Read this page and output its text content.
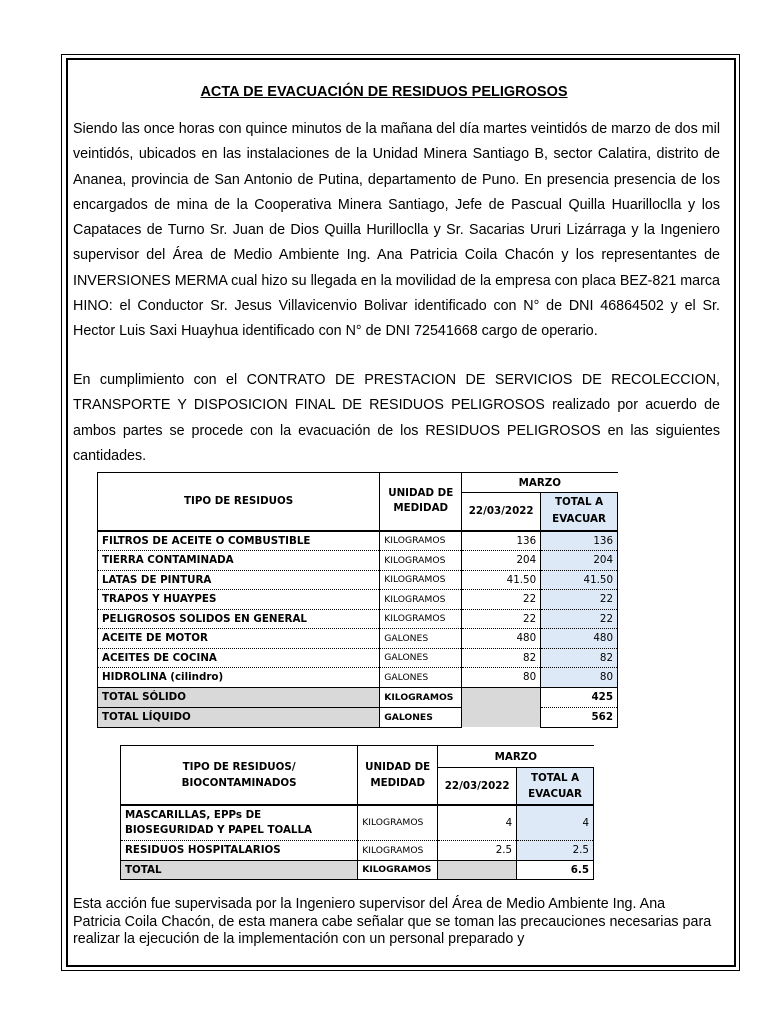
ACTA DE EVACUACIÓN DE RESIDUOS PELIGROSOS

Siendo las once horas con quince minutos de la mañana del día martes veintidós de marzo de dos mil veintidós, ubicados en las instalaciones de la Unidad Minera Santiago B, sector Calatira, distrito de Ananea, provincia de San Antonio de Putina, departamento de Puno. En presencia presencia de los encargados de mina de la Cooperativa Minera Santiago, Jefe de Pascual Quilla Huarilloclla y los Capataces de Turno Sr. Juan de Dios Quilla Hurilloclla y Sr. Sacarias Ururi Lizárraga y la Ingeniero supervisor del Área de Medio Ambiente Ing. Ana Patricia Coila Chacón y los representantes de INVERSIONES MERMA cual hizo su llegada en la movilidad de la empresa con placa BEZ-821 marca HINO: el Conductor Sr. Jesus Villavicenvio Bolivar identificado con N° de DNI 46864502 y el Sr. Hector Luis Saxi Huayhua identificado con N° de DNI 72541668 cargo de operario.

En cumplimiento con el CONTRATO DE PRESTACION DE SERVICIOS DE RECOLECCION, TRANSPORTE Y DISPOSICION FINAL DE RESIDUOS PELIGROSOS realizado por acuerdo de ambos partes se procede con la evacuación de los RESIDUOS PELIGROSOS en las siguientes cantidades.

TIPO DE RESIDUOS	UNIDAD DE MEDIDAD	MARZO	
		22/03/2022	TOTAL A EVACUAR
FILTROS DE ACEITE O COMBUSTIBLE	KILOGRAMOS	136	136
TIERRA CONTAMINADA	KILOGRAMOS	204	204
LATAS DE PINTURA	KILOGRAMOS	41.50	41.50
TRAPOS Y HUAYPES	KILOGRAMOS	22	22
PELIGROSOS SOLIDOS EN GENERAL	KILOGRAMOS	22	22
ACEITE DE MOTOR	GALONES	480	480
ACEITES DE COCINA	GALONES	82	82
HIDROLINA (cilindro)	GALONES	80	80
TOTAL SÓLIDO	KILOGRAMOS		425
TOTAL LÍQUIDO	GALONES		562
TIPO DE RESIDUOS/ BIOCONTAMINADOS	UNIDAD DE MEDIDAD	MARZO	
		22/03/2022	TOTAL A EVACUAR
MASCARILLAS, EPPs DE BIOSEGURIDAD Y PAPEL TOALLA	KILOGRAMOS	4	4
RESIDUOS HOSPITALARIOS	KILOGRAMOS	2.5	2.5
TOTAL	KILOGRAMOS		6.5

Esta acción fue supervisada por la Ingeniero supervisor del Área de Medio Ambiente Ing. Ana Patricia Coila Chacón, de esta manera cabe señalar que se toman las precauciones necesarias para realizar la ejecución de la implementación con un personal preparado y
